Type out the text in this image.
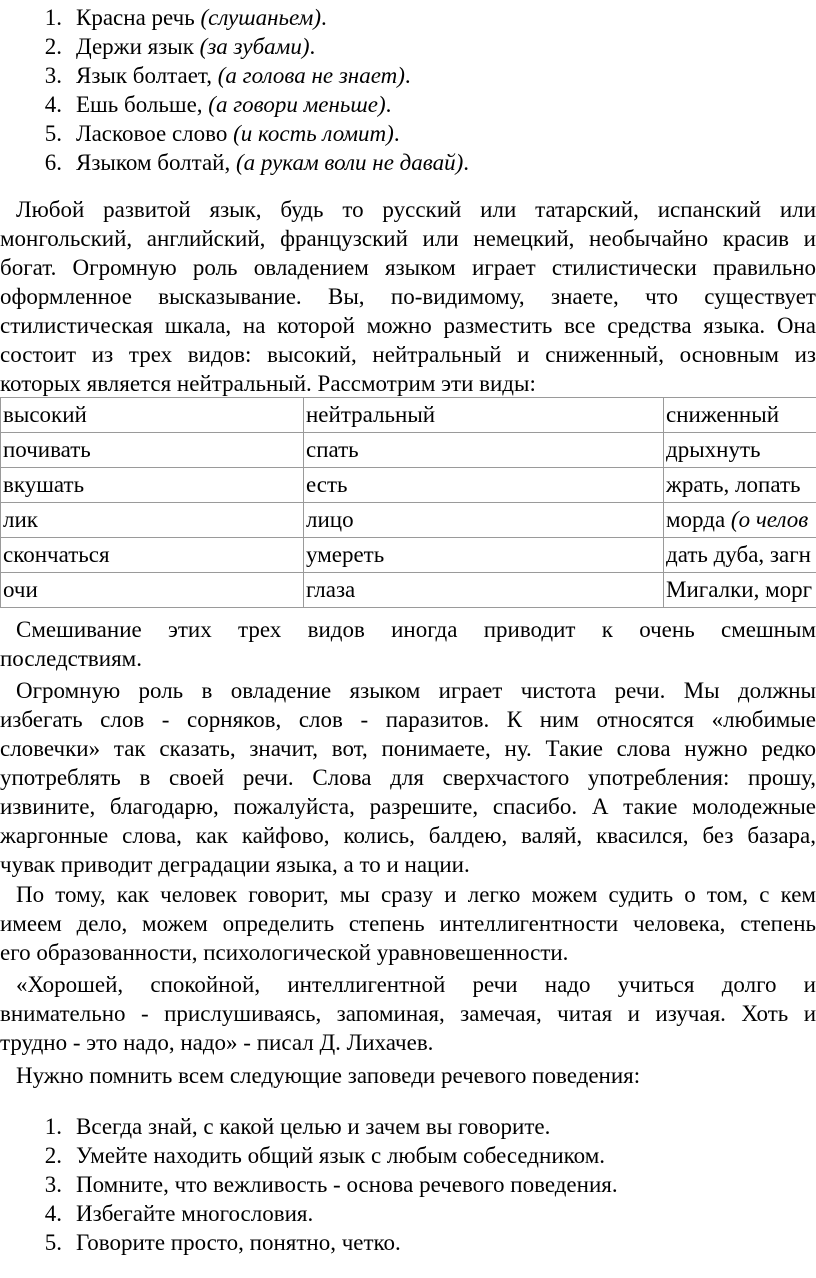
1. Красна речь (слушаньем).
2. Держи язык (за зубами).
3. Язык болтает, (а голова не знает).
4. Ешь больше, (а говори меньше).
5. Ласковое слово (и кость ломит).
6. Языком болтай, (а рукам воли не давай).
Любой развитой язык, будь то русский или татарский, испанский или
монгольский, английский, французский или немецкий, необычайно красив и
богат. Огромную роль овладением языком играет стилистически правильно
оформленное высказывание. Вы, по-видимому, знаете, что существует
стилистическая шкала, на которой можно разместить все средства языка. Она
состоит из трех видов: высокий, нейтральный и сниженный, основным из
которых является нейтральный. Рассмотрим эти виды:
высокий	нейтральный	сниженный
почивать	спать	дрыхнуть
вкушать	есть	жрать, лопать
лик	лицо	морда (о челов
скончаться	умереть	дать дуба, загн
очи	глаза	Мигалки, морг
Смешивание этих трех видов иногда приводит к очень смешным
последствиям.
Огромную роль в овладение языком играет чистота речи. Мы должны
избегать слов - сорняков, слов - паразитов. К ним относятся «любимые
словечки» так сказать, значит, вот, понимаете, ну. Такие слова нужно редко
употреблять в своей речи. Слова для сверхчастого употребления: прошу,
извините, благодарю, пожалуйста, разрешите, спасибо. А такие молодежные
жаргонные слова, как кайфово, колись, балдею, валяй, квасился, без базара,
чувак приводит деградации языка, а то и нации.
По тому, как человек говорит, мы сразу и легко можем судить о том, с кем
имеем дело, можем определить степень интеллигентности человека, степень
его образованности, психологической уравновешенности.
«Хорошей, спокойной, интеллигентной речи надо учиться долго и
внимательно - прислушиваясь, запоминая, замечая, читая и изучая. Хоть и
трудно - это надо, надо» - писал Д. Лихачев.
Нужно помнить всем следующие заповеди речевого поведения:
1. Всегда знай, с какой целью и зачем вы говорите.
2. Умейте находить общий язык с любым собеседником.
3. Помните, что вежливость - основа речевого поведения.
4. Избегайте многословия.
5. Говорите просто, понятно, четко.
